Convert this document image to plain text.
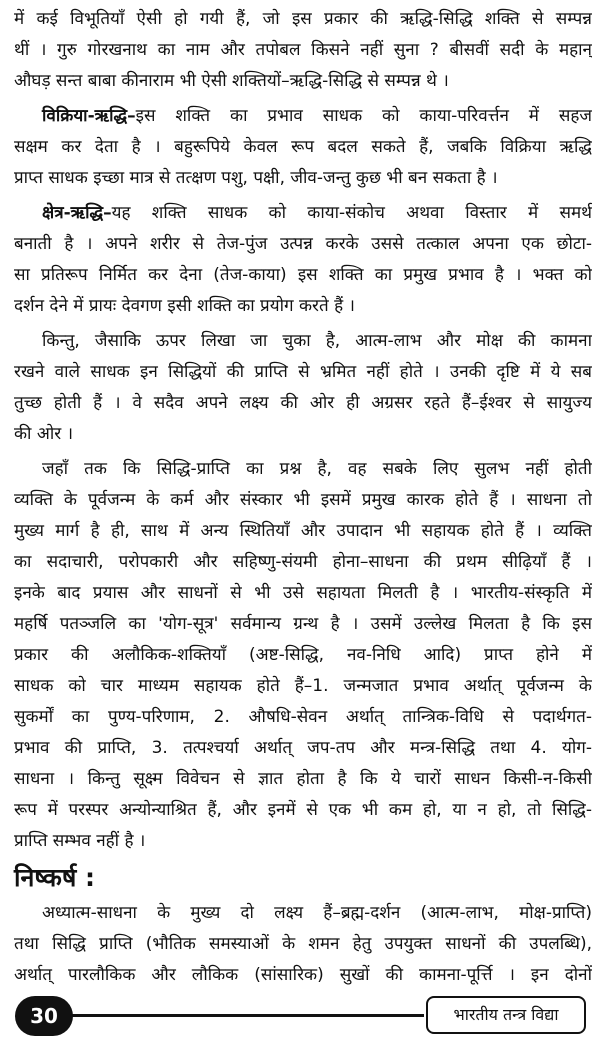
में कई विभूतियाँ ऐसी हो गयी हैं, जो इस प्रकार की ऋद्धि-सिद्धि शक्ति से सम्पन्न
थीं । गुरु गोरखनाथ का नाम और तपोबल किसने नहीं सुना ? बीसवीं सदी के महान्
औघड़ सन्त बाबा कीनाराम भी ऐसी शक्तियों–ऋद्धि-सिद्धि से सम्पन्न थे ।
विक्रिया-ऋद्धि–इस शक्ति का प्रभाव साधक को काया-परिवर्त्तन में सहज
सक्षम कर देता है । बहुरूपिये केवल रूप बदल सकते हैं, जबकि विक्रिया ऋद्धि
प्राप्त साधक इच्छा मात्र से तत्क्षण पशु, पक्षी, जीव-जन्तु कुछ भी बन सकता है ।
क्षेत्र-ऋद्धि–यह शक्ति साधक को काया-संकोच अथवा विस्तार में समर्थ
बनाती है । अपने शरीर से तेज-पुंज उत्पन्न करके उससे तत्काल अपना एक छोटा-
सा प्रतिरूप निर्मित कर देना (तेज-काया) इस शक्ति का प्रमुख प्रभाव है । भक्त को
दर्शन देने में प्रायः देवगण इसी शक्ति का प्रयोग करते हैं ।
किन्तु, जैसाकि ऊपर लिखा जा चुका है, आत्म-लाभ और मोक्ष की कामना
रखने वाले साधक इन सिद्धियों की प्राप्ति से भ्रमित नहीं होते । उनकी दृष्टि में ये सब
तुच्छ होती हैं । वे सदैव अपने लक्ष्य की ओर ही अग्रसर रहते हैं–ईश्वर से सायुज्य
की ओर ।
जहाँ तक कि सिद्धि-प्राप्ति का प्रश्न है, वह सबके लिए सुलभ नहीं होती
व्यक्ति के पूर्वजन्म के कर्म और संस्कार भी इसमें प्रमुख कारक होते हैं । साधना तो
मुख्य मार्ग है ही, साथ में अन्य स्थितियाँ और उपादान भी सहायक होते हैं । व्यक्ति
का सदाचारी, परोपकारी और सहिष्णु-संयमी होना–साधना की प्रथम सीढ़ियाँ हैं ।
इनके बाद प्रयास और साधनों से भी उसे सहायता मिलती है । भारतीय-संस्कृति में
महर्षि पतञ्जलि का 'योग-सूत्र' सर्वमान्य ग्रन्थ है । उसमें उल्लेख मिलता है कि इस
प्रकार की अलौकिक-शक्तियाँ (अष्ट-सिद्धि, नव-निधि आदि) प्राप्त होने में
साधक को चार माध्यम सहायक होते हैं–1. जन्मजात प्रभाव अर्थात् पूर्वजन्म के
सुकर्मों का पुण्य-परिणाम, 2. औषधि-सेवन अर्थात् तान्त्रिक-विधि से पदार्थगत-
प्रभाव की प्राप्ति, 3. तत्पश्चर्या अर्थात् जप-तप और मन्त्र-सिद्धि तथा 4. योग-
साधना । किन्तु सूक्ष्म विवेचन से ज्ञात होता है कि ये चारों साधन किसी-न-किसी
रूप में परस्पर अन्योन्याश्रित हैं, और इनमें से एक भी कम हो, या न हो, तो सिद्धि-
प्राप्ति सम्भव नहीं है ।
निष्कर्ष :
अध्यात्म-साधना के मुख्य दो लक्ष्य हैं–ब्रह्म-दर्शन (आत्म-लाभ, मोक्ष-प्राप्ति)
तथा सिद्धि प्राप्ति (भौतिक समस्याओं के शमन हेतु उपयुक्त साधनों की उपलब्धि),
अर्थात् पारलौकिक और लौकिक (सांसारिक) सुखों की कामना-पूर्त्ति । इन दोनों
30	भारतीय तन्त्र विद्या
